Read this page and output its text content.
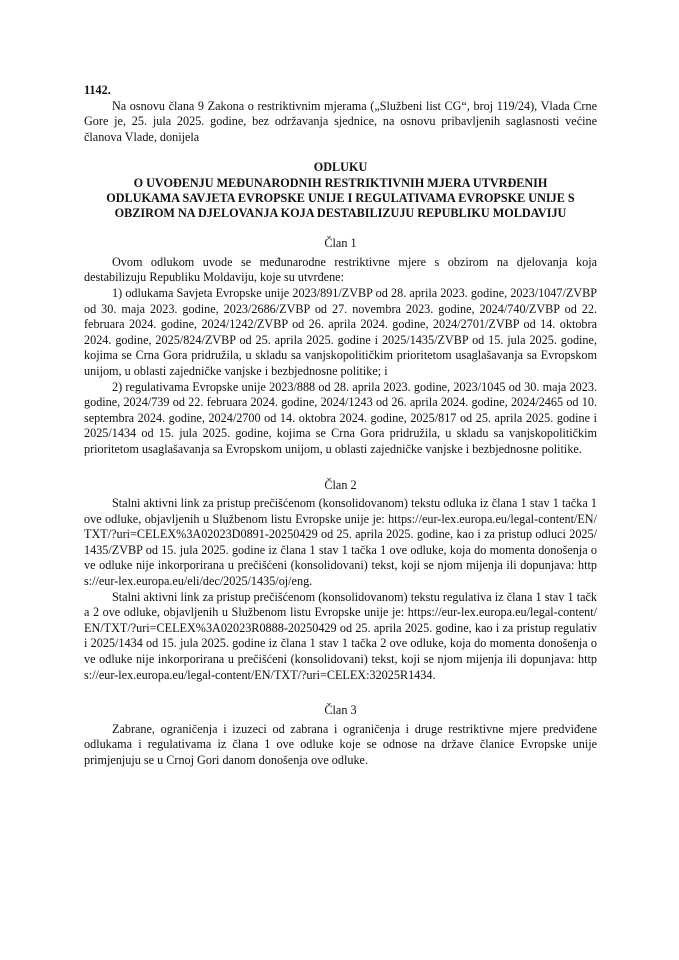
1142.

Na osnovu člana 9 Zakona o restriktivnim mjerama („Službeni list CG“, broj 119/24), Vlada Crne Gore je, 25. jula 2025. godine, bez održavanja sjednice, na osnovu pribavljenih saglasnosti većine članova Vlade, donijela

ODLUKU
O UVOĐENJU MEĐUNARODNIH RESTRIKTIVNIH MJERA UTVRĐENIH
ODLUKAMA SAVJETA EVROPSKE UNIJE I REGULATIVAMA EVROPSKE UNIJE S
OBZIROM NA DJELOVANJA KOJA DESTABILIZUJU REPUBLIKU MOLDAVIJU

Član 1

Ovom odlukom uvode se međunarodne restriktivne mjere s obzirom na djelovanja koja destabilizuju Republiku Moldaviju, koje su utvrđene:

1) odlukama Savjeta Evropske unije 2023/891/ZVBP od 28. aprila 2023. godine, 2023/1047/ZVBP od 30. maja 2023. godine, 2023/2686/ZVBP od 27. novembra 2023. godine, 2024/740/ZVBP od 22. februara 2024. godine, 2024/1242/ZVBP od 26. aprila 2024. godine, 2024/2701/ZVBP od 14. oktobra 2024. godine, 2025/824/ZVBP od 25. aprila 2025. godine i 2025/1435/ZVBP od 15. jula 2025. godine, kojima se Crna Gora pridružila, u skladu sa vanjskopolitičkim prioritetom usaglašavanja sa Evropskom unijom, u oblasti zajedničke vanjske i bezbjednosne politike; i

2) regulativama Evropske unije 2023/888 od 28. aprila 2023. godine, 2023/1045 od 30. maja 2023. godine, 2024/739 od 22. februara 2024. godine, 2024/1243 od 26. aprila 2024. godine, 2024/2465 od 10. septembra 2024. godine, 2024/2700 od 14. oktobra 2024. godine, 2025/817 od 25. aprila 2025. godine i 2025/1434 od 15. jula 2025. godine, kojima se Crna Gora pridružila, u skladu sa vanjskopolitičkim prioritetom usaglašavanja sa Evropskom unijom, u oblasti zajedničke vanjske i bezbjednosne politike.

Član 2

Stalni aktivni link za pristup prečišćenom (konsolidovanom) tekstu odluka iz člana 1 stav 1 tačka 1 ove odluke, objavljenih u Službenom listu Evropske unije je: https://eur-lex.europa.eu/legal-content/EN/TXT/?uri=CELEX%3A02023D0891-20250429 od 25. aprila 2025. godine, kao i za pristup odluci 2025/1435/ZVBP od 15. jula 2025. godine iz člana 1 stav 1 tačka 1 ove odluke, koja do momenta donošenja ove odluke nije inkorporirana u prečišćeni (konsolidovani) tekst, koji se njom mijenja ili dopunjava: https://eur-lex.europa.eu/eli/dec/2025/1435/oj/eng.

Stalni aktivni link za pristup prečišćenom (konsolidovanom) tekstu regulativa iz člana 1 stav 1 tačka 2 ove odluke, objavljenih u Službenom listu Evropske unije je: https://eur-lex.europa.eu/legal-content/EN/TXT/?uri=CELEX%3A02023R0888-20250429 od 25. aprila 2025. godine, kao i za pristup regulativi 2025/1434 od 15. jula 2025. godine iz člana 1 stav 1 tačka 2 ove odluke, koja do momenta donošenja ove odluke nije inkorporirana u prečišćeni (konsolidovani) tekst, koji se njom mijenja ili dopunjava: https://eur-lex.europa.eu/legal-content/EN/TXT/?uri=CELEX:32025R1434.

Član 3

Zabrane, ograničenja i izuzeci od zabrana i ograničenja i druge restriktivne mjere predviđene odlukama i regulativama iz člana 1 ove odluke koje se odnose na države članice Evropske unije primjenjuju se u Crnoj Gori danom donošenja ove odluke.
